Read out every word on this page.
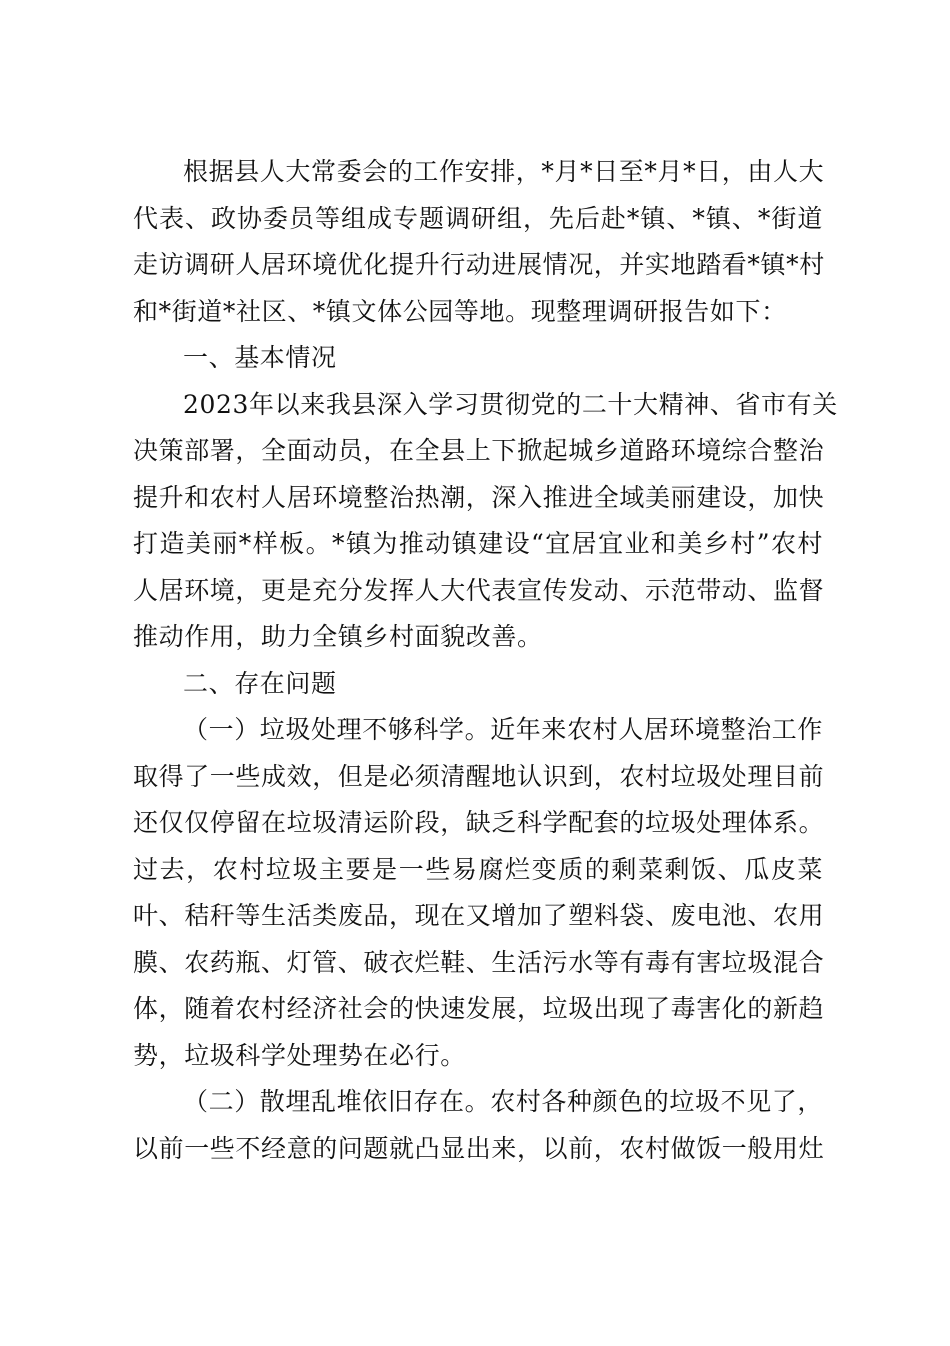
根据县人大常委会的工作安排，*月*日至*月*日，由人大
代表、政协委员等组成专题调研组，先后赴*镇、*镇、*街道
走访调研人居环境优化提升行动进展情况，并实地踏看*镇*村
和*街道*社区、*镇文体公园等地。现整理调研报告如下：
一、基本情况
2023年以来我县深入学习贯彻党的二十大精神、省市有关
决策部署，全面动员，在全县上下掀起城乡道路环境综合整治
提升和农村人居环境整治热潮，深入推进全域美丽建设，加快
打造美丽*样板。*镇为推动镇建设“宜居宜业和美乡村”农村
人居环境，更是充分发挥人大代表宣传发动、示范带动、监督
推动作用，助力全镇乡村面貌改善。
二、存在问题
（一）垃圾处理不够科学。近年来农村人居环境整治工作
取得了一些成效，但是必须清醒地认识到，农村垃圾处理目前
还仅仅停留在垃圾清运阶段，缺乏科学配套的垃圾处理体系。
过去，农村垃圾主要是一些易腐烂变质的剩菜剩饭、瓜皮菜
叶、秸秆等生活类废品，现在又增加了塑料袋、废电池、农用
膜、农药瓶、灯管、破衣烂鞋、生活污水等有毒有害垃圾混合
体，随着农村经济社会的快速发展，垃圾出现了毒害化的新趋
势，垃圾科学处理势在必行。
（二）散埋乱堆依旧存在。农村各种颜色的垃圾不见了，
以前一些不经意的问题就凸显出来，以前，农村做饭一般用灶
